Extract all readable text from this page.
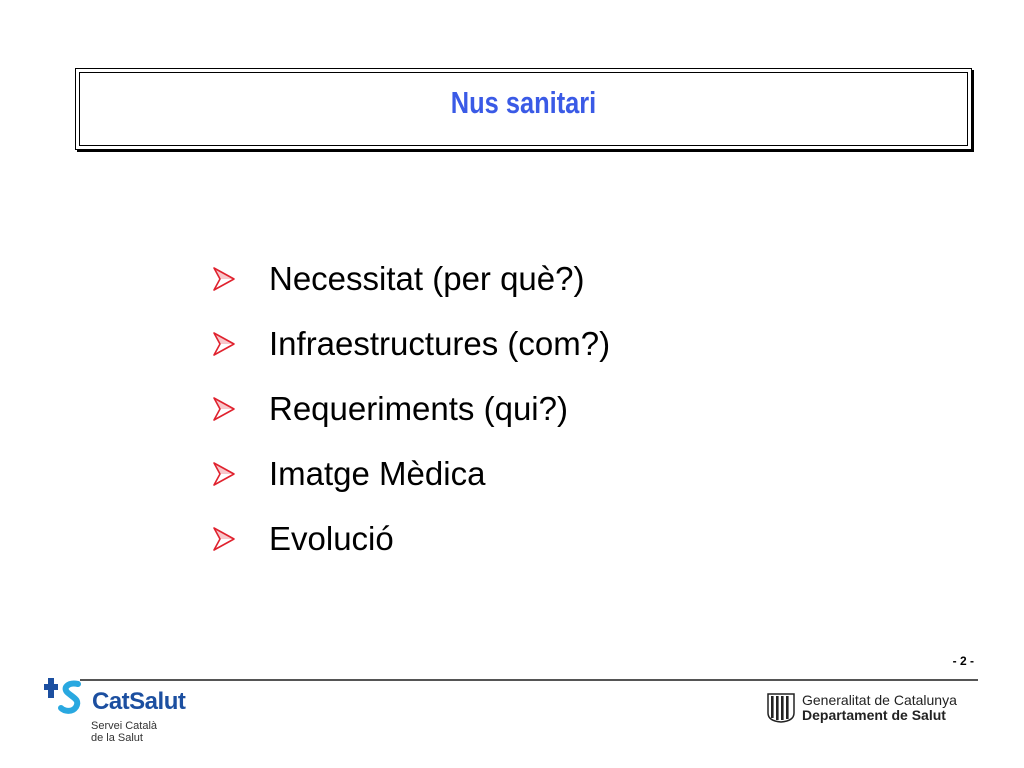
Nus sanitari
Necessitat (per què?)
Infraestructures (com?)
Requeriments (qui?)
Imatge Mèdica
Evolució
- 2 -
CatSalut
Servei Català
de la Salut
Generalitat de Catalunya
Departament de Salut
